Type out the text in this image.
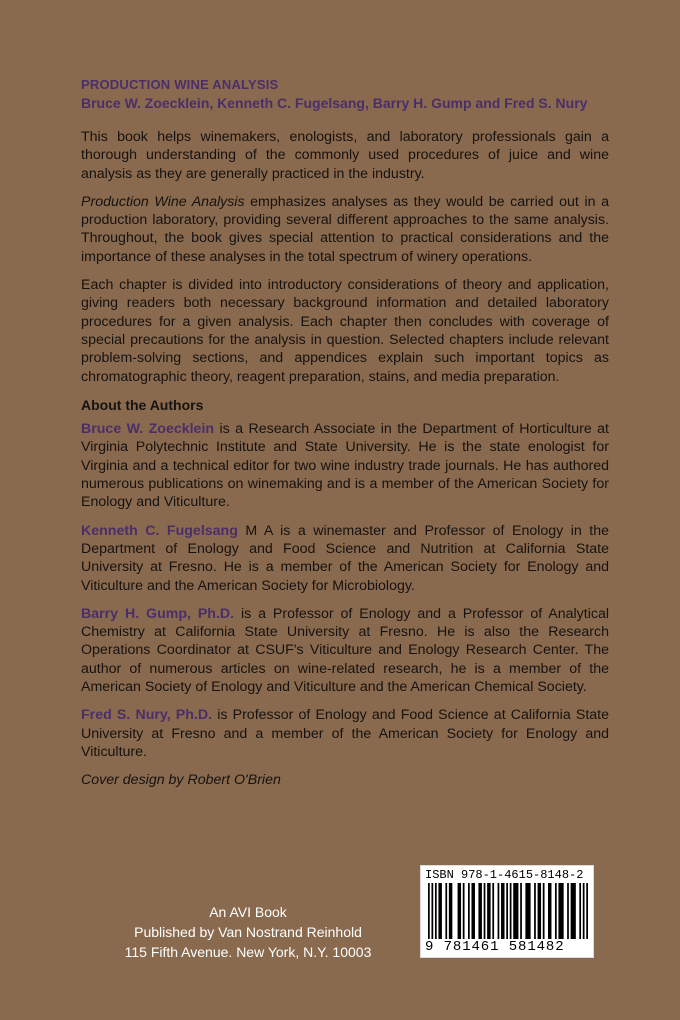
PRODUCTION WINE ANALYSIS
Bruce W. Zoecklein, Kenneth C. Fugelsang, Barry H. Gump and Fred S. Nury

This book helps winemakers, enologists, and laboratory professionals gain a thorough understanding of the commonly used procedures of juice and wine analysis as they are generally practiced in the industry.

Production Wine Analysis emphasizes analyses as they would be carried out in a production laboratory, providing several different approaches to the same analysis. Throughout, the book gives special attention to practical considerations and the importance of these analyses in the total spectrum of winery operations.

Each chapter is divided into introductory considerations of theory and application, giving readers both necessary background information and detailed laboratory procedures for a given analysis. Each chapter then concludes with coverage of special precautions for the analysis in question. Selected chapters include relevant problem-solving sections, and appendices explain such important topics as chromatographic theory, reagent preparation, stains, and media preparation.

About the Authors

Bruce W. Zoecklein is a Research Associate in the Department of Horticulture at Virginia Polytechnic Institute and State University. He is the state enologist for Virginia and a technical editor for two wine industry trade journals. He has authored numerous publications on winemaking and is a member of the American Society for Enology and Viticulture.

Kenneth C. Fugelsang M A is a winemaster and Professor of Enology in the Department of Enology and Food Science and Nutrition at California State University at Fresno. He is a member of the American Society for Enology and Viticulture and the American Society for Microbiology.

Barry H. Gump, Ph.D. is a Professor of Enology and a Professor of Analytical Chemistry at California State University at Fresno. He is also the Research Operations Coordinator at CSUF's Viticulture and Enology Research Center. The author of numerous articles on wine-related research, he is a member of the American Society of Enology and Viticulture and the American Chemical Society.

Fred S. Nury, Ph.D. is Professor of Enology and Food Science at California State University at Fresno and a member of the American Society for Enology and Viticulture.

Cover design by Robert O'Brien
An AVI Book
Published by Van Nostrand Reinhold
115 Fifth Avenue. New York, N.Y. 10003
ISBN 978-1-4615-8148-2
9 781461 581482
